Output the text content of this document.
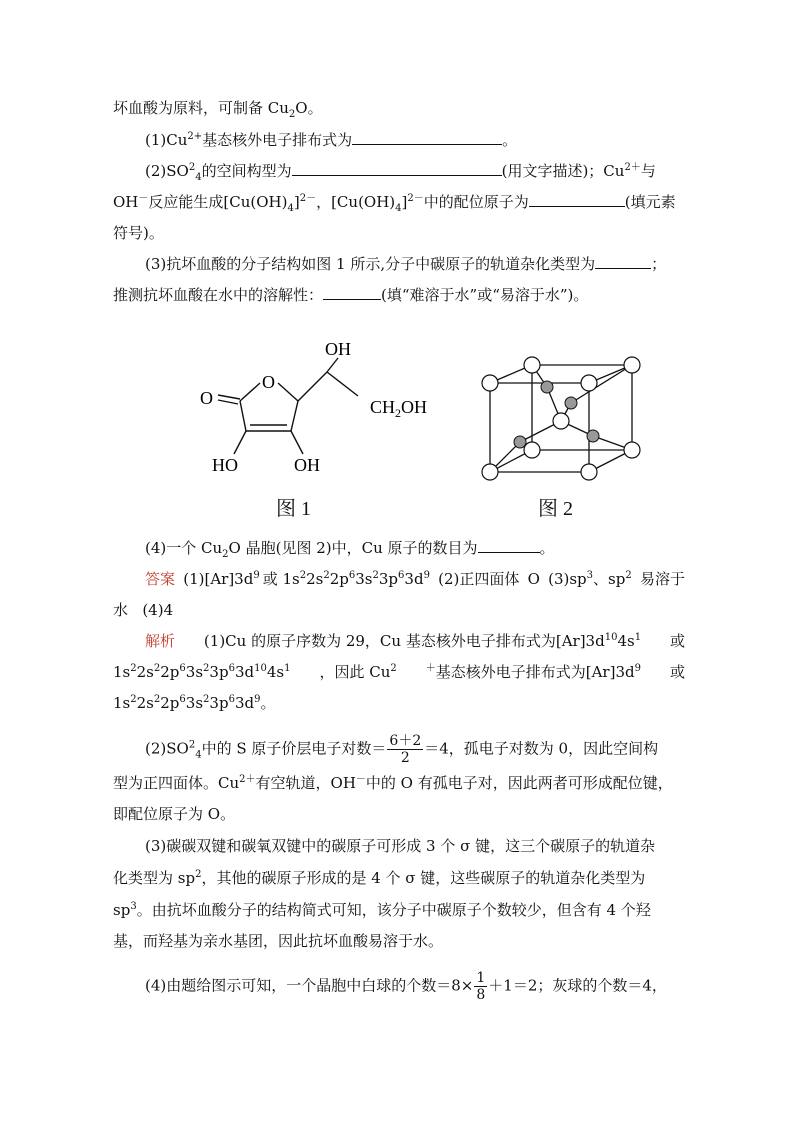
坏血酸为原料，可制备 $Cu_2O$。
$(1)Cu^{2+}$基态核外电子排布式为	。
$(2)SO^2_4$的空间构型为	(用文字描述)；$Cu^{2+}$与
OH－反应能生成$[Cu(OH)_4]^{2-}$，$[Cu(OH)_4]^{2-}$中的配位原子为	(填元素
符号)。
(3)抗坏血酸的分子结构如图 1 所示,分子中碳原子的轨道杂化类型为	；
推测抗坏血酸在水中的溶解性：	(填“难溶于水”或“易溶于水”)。
OH
O
O	$CH_2OH$
HO	OH
图 1	图 2
(4)一个 $Cu_2O$ 晶胞(见图 2)中，Cu 原子的数目为	。
答案 $(1)[Ar]3d^9$ 或 $1s^22s^22p^63s^23p^63d^9$ (2)正四面体 O $(3)sp^3$、$sp^2$ 易溶于
水 (4)4
解析 (1)Cu 的原子序数为 29，Cu 基态核外电子排布式为$[Ar]3d^{10}4s^1$ 或
$1s^22s^22p^63s^23p^63d^{10}4s^1$ ，因此 Cu$^2$	＋基态核外电子排布式为$[Ar]3d^9$ 或
$1s^22s^22p^63s^23p^63d^9$。
$(2)SO^2_4$中的 S 原子价层电子对数＝ $\frac{6+2}{2} =4$，孤电子对数为 0，因此空间构
型为正四面体。$Cu^{2+}$有空轨道，OH－中的 O 有孤电子对，因此两者可形成配位键，
即配位原子为 O。
(3)碳碳双键和碳氧双键中的碳原子可形成 3 个 σ 键，这三个碳原子的轨道杂
化类型为 $sp^2$，其他的碳原子形成的是 4 个 σ 键，这些碳原子的轨道杂化类型为
$sp^3$。由抗坏血酸分子的结构简式可知，该分子中碳原子个数较少，但含有 4 个羟
基，而羟基为亲水基团，因此抗坏血酸易溶于水。
(4)由题给图示可知，一个晶胞中白球的个数$=8\times \frac{1}{8} +1=2$；灰球的个数＝4，
